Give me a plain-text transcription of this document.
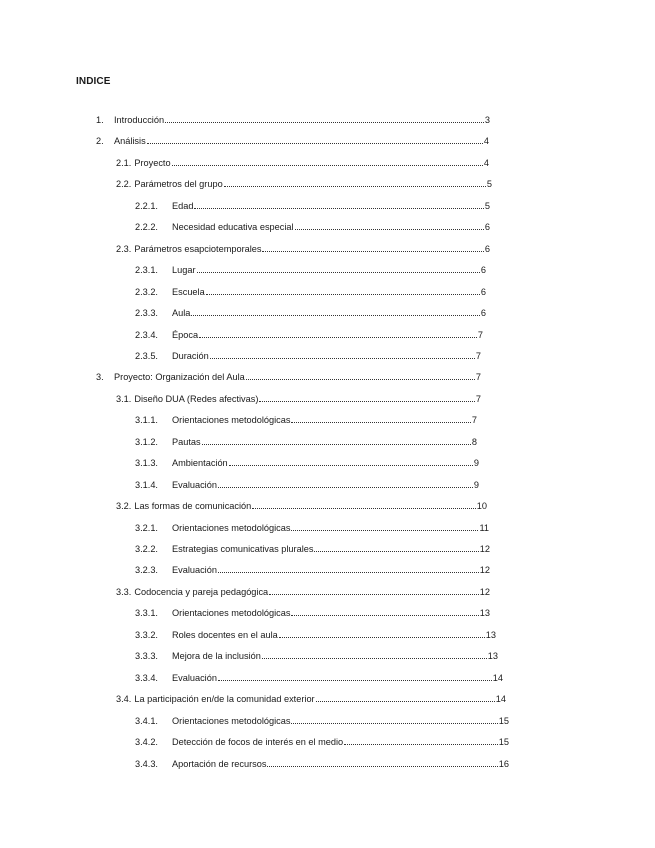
INDICE
1.	Introducción	3
2.	Análisis	4
2.1. Proyecto	4
2.2. Parámetros del grupo	5
2.2.1.	Edad	5
2.2.2.	Necesidad educativa especial	6
2.3. Parámetros esapciotemporales	6
2.3.1.	Lugar	6
2.3.2.	Escuela	6
2.3.3.	Aula	6
2.3.4.	Época	7
2.3.5.	Duración	7
3.	Proyecto: Organización del Aula	7
3.1. Diseño DUA (Redes afectivas)	7
3.1.1.	Orientaciones metodológicas	7
3.1.2.	Pautas	8
3.1.3.	Ambientación	9
3.1.4.	Evaluación	9
3.2. Las formas de comunicación	10
3.2.1.	Orientaciones metodológicas	11
3.2.2.	Estrategias comunicativas plurales	12
3.2.3.	Evaluación	12
3.3. Codocencia y pareja pedagógica	12
3.3.1.	Orientaciones metodológicas	13
3.3.2.	Roles docentes en el aula	13
3.3.3.	Mejora de la inclusión	13
3.3.4.	Evaluación	14
3.4. La participación en/de la comunidad exterior	14
3.4.1.	Orientaciones metodológicas	15
3.4.2.	Detección de focos de interés en el medio	15
3.4.3.	Aportación de recursos	16
